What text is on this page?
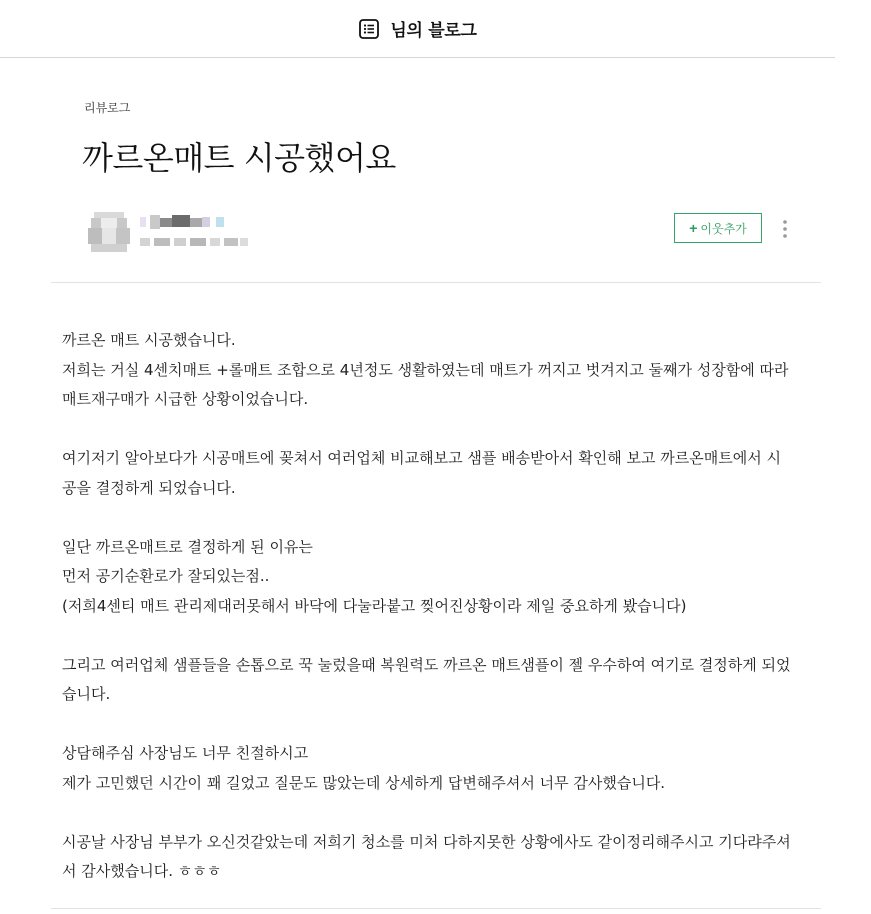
님의 블로그
리뷰로그
까르온매트 시공했어요
+ 이웃추가

까르온 매트 시공했습니다.

저희는 거실 4센치매트 +롤매트 조합으로 4년정도 생활하였는데 매트가 꺼지고 벗겨지고 둘째가 성장함에 따라

매트재구매가 시급한 상황이었습니다.

여기저기 알아보다가 시공매트에 꽂쳐서 여러업체 비교해보고 샘플 배송받아서 확인해 보고 까르온매트에서 시

공을 결정하게 되었습니다.

일단 까르온매트로 결정하게 된 이유는

먼저 공기순환로가 잘되있는점..

(저희4센티 매트 관리제대러못해서 바닥에 다눌라붙고 찢어진상황이라 제일 중요하게 봤습니다)

그리고 여러업체 샘플들을 손톱으로 꾹 눌렀을때 복원력도 까르온 매트샘플이 젤 우수하여 여기로 결정하게 되었

습니다.

상담해주심 사장님도 너무 친절하시고

제가 고민했던 시간이 꽤 길었고 질문도 많았는데 상세하게 답변해주셔서 너무 감사했습니다.

시공날 사장님 부부가 오신것같았는데 저희기 청소를 미처 다하지못한 상황에사도 같이정리해주시고 기다랴주셔

서 감사했습니다. ㅎㅎㅎ
